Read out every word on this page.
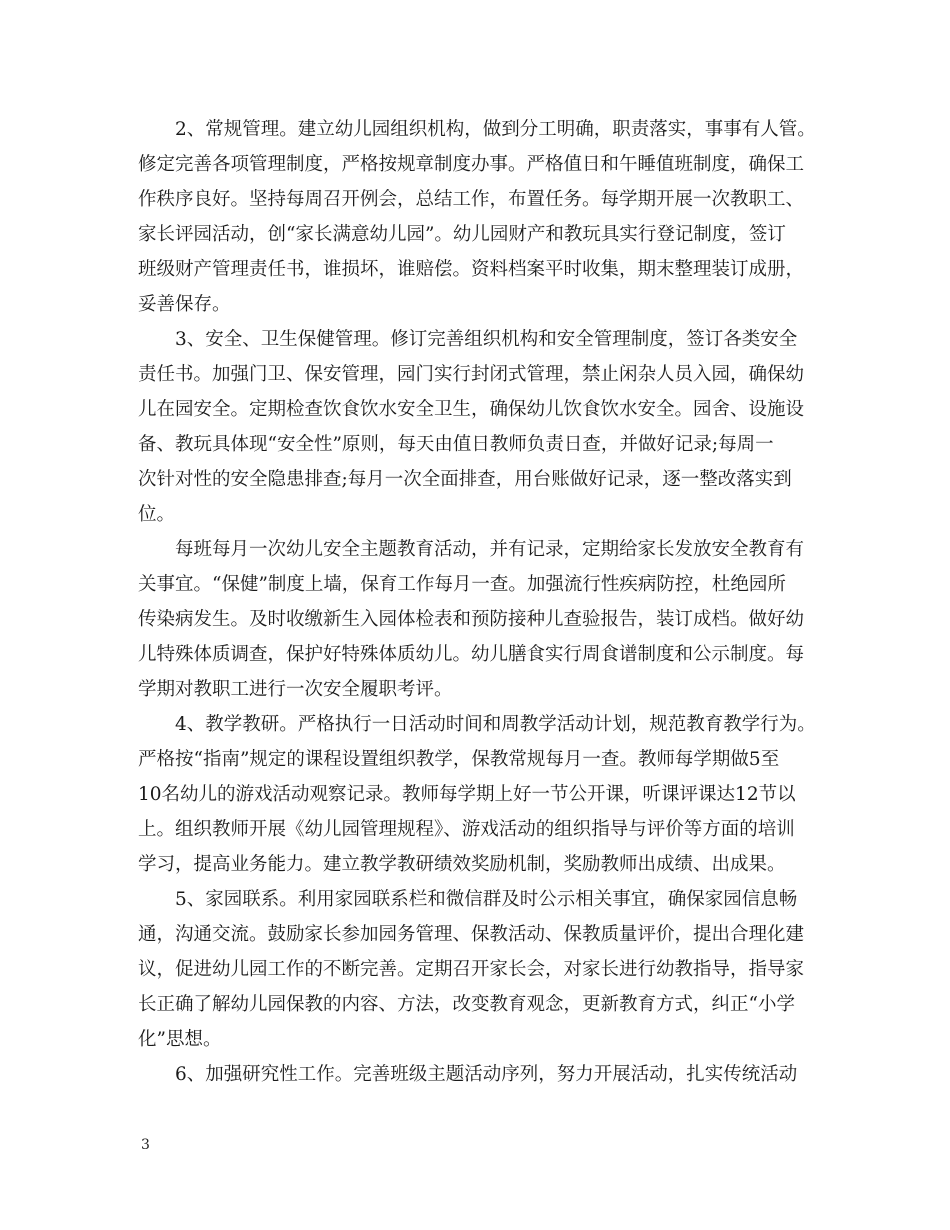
　　2、常规管理。建立幼儿园组织机构，做到分工明确，职责落实，事事有人管。
修定完善各项管理制度，严格按规章制度办事。严格值日和午睡值班制度，确保工
作秩序良好。坚持每周召开例会，总结工作，布置任务。每学期开展一次教职工、
家长评园活动，创“家长满意幼儿园”。幼儿园财产和教玩具实行登记制度，签订
班级财产管理责任书，谁损坏，谁赔偿。资料档案平时收集，期末整理装订成册，
妥善保存。
　　3、安全、卫生保健管理。修订完善组织机构和安全管理制度，签订各类安全
责任书。加强门卫、保安管理，园门实行封闭式管理，禁止闲杂人员入园，确保幼
儿在园安全。定期检查饮食饮水安全卫生，确保幼儿饮食饮水安全。园舍、设施设
备、教玩具体现“安全性”原则，每天由值日教师负责日查，并做好记录;每周一
次针对性的安全隐患排查;每月一次全面排查，用台账做好记录，逐一整改落实到
位。
　　每班每月一次幼儿安全主题教育活动，并有记录，定期给家长发放安全教育有
关事宜。“保健”制度上墙，保育工作每月一查。加强流行性疾病防控，杜绝园所
传染病发生。及时收缴新生入园体检表和预防接种儿查验报告，装订成档。做好幼
儿特殊体质调查，保护好特殊体质幼儿。幼儿膳食实行周食谱制度和公示制度。每
学期对教职工进行一次安全履职考评。
　　4、教学教研。严格执行一日活动时间和周教学活动计划，规范教育教学行为。
严格按“指南”规定的课程设置组织教学，保教常规每月一查。教师每学期做5至
10名幼儿的游戏活动观察记录。教师每学期上好一节公开课，听课评课达12节以
上。组织教师开展《幼儿园管理规程》、游戏活动的组织指导与评价等方面的培训
学习，提高业务能力。建立教学教研绩效奖励机制，奖励教师出成绩、出成果。
　　5、家园联系。利用家园联系栏和微信群及时公示相关事宜，确保家园信息畅
通，沟通交流。鼓励家长参加园务管理、保教活动、保教质量评价，提出合理化建
议，促进幼儿园工作的不断完善。定期召开家长会，对家长进行幼教指导，指导家
长正确了解幼儿园保教的内容、方法，改变教育观念，更新教育方式，纠正“小学
化”思想。
　　6、加强研究性工作。完善班级主题活动序列，努力开展活动，扎实传统活动
3
